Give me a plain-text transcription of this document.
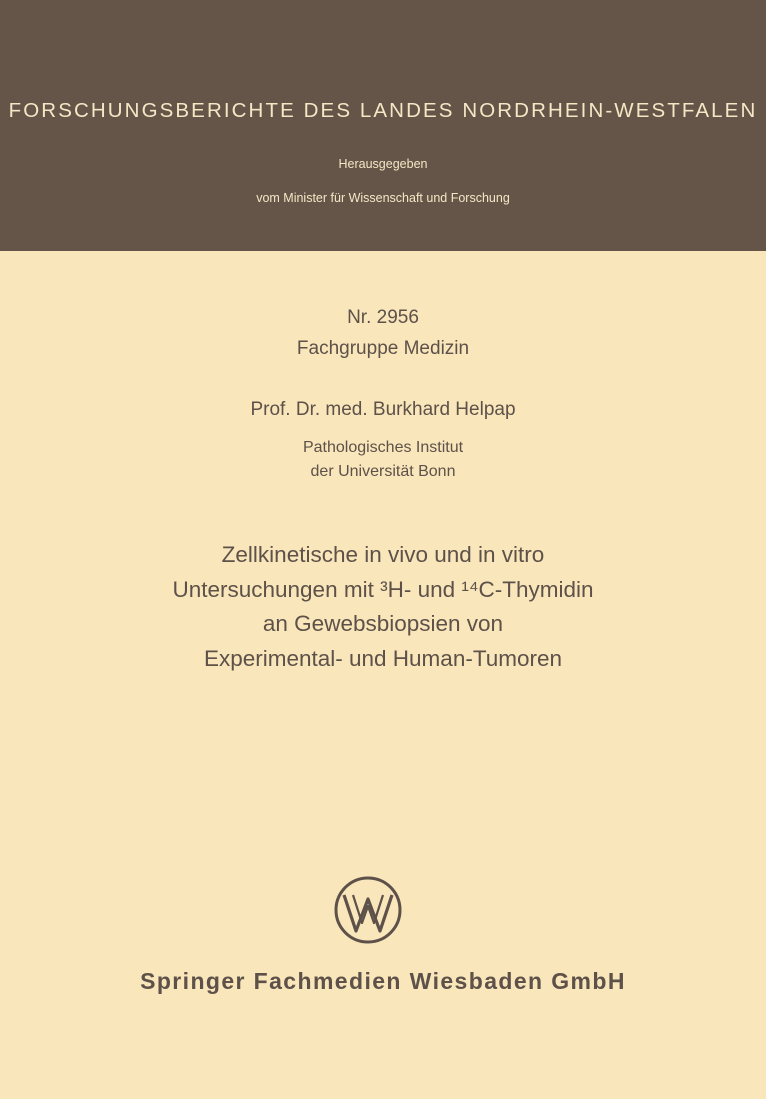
FORSCHUNGSBERICHTE DES LANDES NORDRHEIN-WESTFALEN
Herausgegeben
vom Minister für Wissenschaft und Forschung
Nr. 2956
Fachgruppe Medizin
Prof. Dr. med. Burkhard Helpap
Pathologisches Institut
der Universität Bonn
Zellkinetische in vivo und in vitro
Untersuchungen mit ³H- und ¹⁴C-Thymidin
an Gewebsbiopsien von
Experimental- und Human-Tumoren
Springer Fachmedien Wiesbaden GmbH
